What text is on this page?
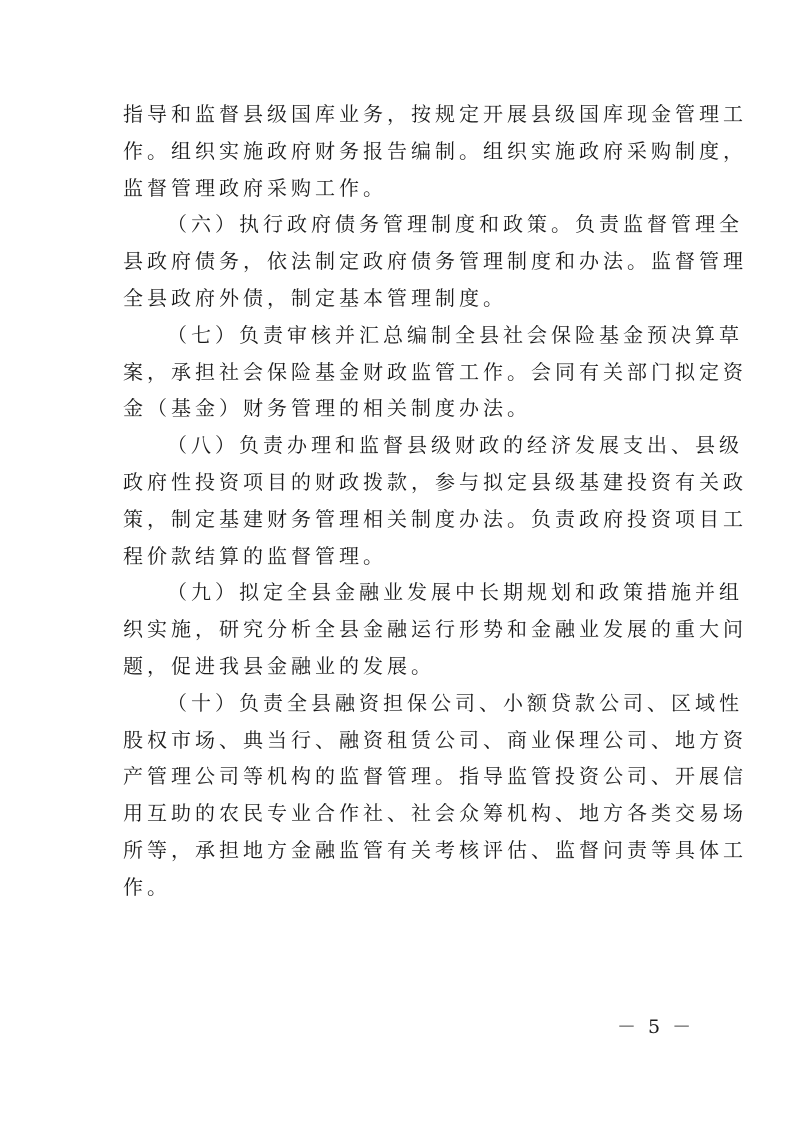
指导和监督县级国库业务，按规定开展县级国库现金管理工
作。组织实施政府财务报告编制。组织实施政府采购制度，
监督管理政府采购工作。
（六）执行政府债务管理制度和政策。负责监督管理全
县政府债务，依法制定政府债务管理制度和办法。监督管理
全县政府外债，制定基本管理制度。
（七）负责审核并汇总编制全县社会保险基金预决算草
案，承担社会保险基金财政监管工作。会同有关部门拟定资
金（基金）财务管理的相关制度办法。
（八）负责办理和监督县级财政的经济发展支出、县级
政府性投资项目的财政拨款，参与拟定县级基建投资有关政
策，制定基建财务管理相关制度办法。负责政府投资项目工
程价款结算的监督管理。
（九）拟定全县金融业发展中长期规划和政策措施并组
织实施，研究分析全县金融运行形势和金融业发展的重大问
题，促进我县金融业的发展。
（十）负责全县融资担保公司、小额贷款公司、区域性
股权市场、典当行、融资租赁公司、商业保理公司、地方资
产管理公司等机构的监督管理。指导监管投资公司、开展信
用互助的农民专业合作社、社会众筹机构、地方各类交易场
所等，承担地方金融监管有关考核评估、监督问责等具体工
作。
－ 5 －
